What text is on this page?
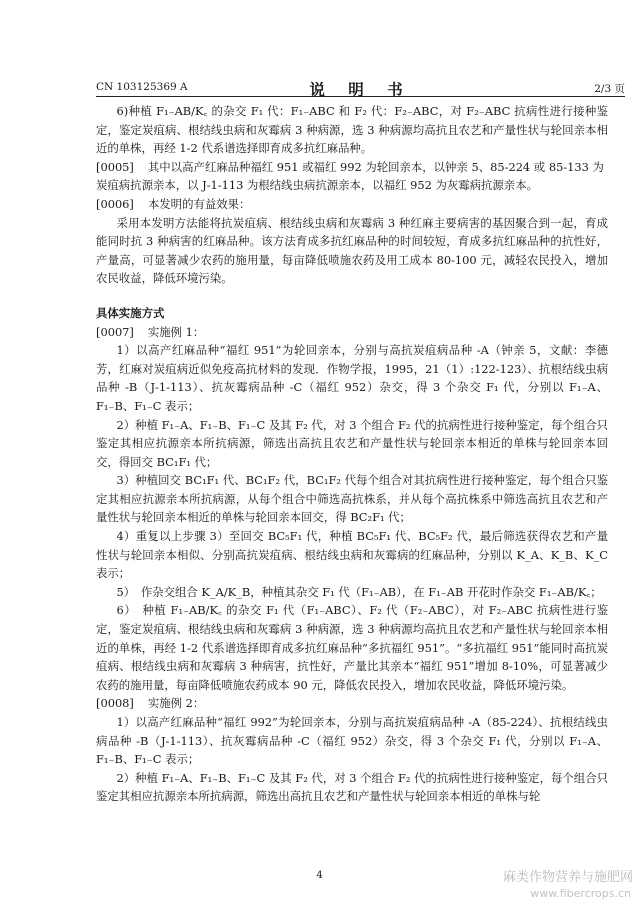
CN 103125369 A	说 明 书	2/3 页

6)种植 F₁₋AB/K꜀ 的杂交 F₁ 代：F₁₋ABC 和 F₂ 代：F₂₋ABC，对 F₂₋ABC 抗病性进行接种鉴定，鉴定炭疽病、根结线虫病和灰霉病 3 种病源，选 3 种病源均高抗且农艺和产量性状与轮回亲本相近的单株，再经 1-2 代系谱选择即育成多抗红麻品种。

[0005] 其中以高产红麻品种福红 951 或福红 992 为轮回亲本，以钟亲 5、85-224 或 85-133 为炭疽病抗源亲本，以 J-1-113 为根结线虫病抗源亲本，以福红 952 为灰霉病抗源亲本。

[0006] 本发明的有益效果：

采用本发明方法能将抗炭疽病、根结线虫病和灰霉病 3 种红麻主要病害的基因聚合到一起，育成能同时抗 3 种病害的红麻品种。该方法育成多抗红麻品种的时间较短，育成多抗红麻品种的抗性好，产量高，可显著减少农药的施用量，每亩降低喷施农药及用工成本 80-100 元，减轻农民投入，增加农民收益，降低环境污染。

具体实施方式

[0007] 实施例 1：

1）以高产红麻品种“福红 951”为轮回亲本，分别与高抗炭疽病品种 -A（钟亲 5，文献：李德芳，红麻对炭疽病近似免疫高抗材料的发现．作物学报，1995，21（1）:122-123）、抗根结线虫病品种 -B（J-1-113）、抗灰霉病品种 -C（福红 952）杂交，得 3 个杂交 F₁ 代，分别以 F₁₋A、F₁₋B、F₁₋C 表示；

2）种植 F₁₋A、F₁₋B、F₁₋C 及其 F₂ 代，对 3 个组合 F₂ 代的抗病性进行接种鉴定，每个组合只鉴定其相应抗源亲本所抗病源，筛选出高抗且农艺和产量性状与轮回亲本相近的单株与轮回亲本回交，得回交 BC₁F₁ 代；

3）种植回交 BC₁F₁ 代、BC₁F₂ 代，BC₁F₂ 代每个组合对其抗病性进行接种鉴定，每个组合只鉴定其相应抗源亲本所抗病源，从每个组合中筛选高抗株系，并从每个高抗株系中筛选高抗且农艺和产量性状与轮回亲本相近的单株与轮回亲本回交，得 BC₂F₁ 代；

4）重复以上步骤 3）至回交 BC₅F₁ 代，种植 BC₅F₁ 代、BC₅F₂ 代，最后筛选获得农艺和产量性状与轮回亲本相似、分别高抗炭疽病、根结线虫病和灰霉病的红麻品种，分别以 K_A、K_B、K_C 表示；

5）　作杂交组合 K_A/K_B，种植其杂交 F₁ 代（F₁₋AB），在 F₁₋AB 开花时作杂交 F₁₋AB/K꜀；

6）　种植 F₁₋AB/K꜀ 的杂交 F₁ 代（F₁₋ABC）、F₂ 代（F₂₋ABC），对 F₂₋ABC 抗病性进行鉴定，鉴定炭疽病、根结线虫病和灰霉病 3 种病源，选 3 种病源均高抗且农艺和产量性状与轮回亲本相近的单株，再经 1-2 代系谱选择即育成多抗红麻品种“多抗福红 951”。“多抗福红 951”能同时高抗炭疽病、根结线虫病和灰霉病 3 种病害，抗性好，产量比其亲本“福红 951”增加 8-10%，可显著减少农药的施用量，每亩降低喷施农药成本 90 元，降低农民投入，增加农民收益，降低环境污染。

[0008] 实施例 2：

1）以高产红麻品种“福红 992”为轮回亲本，分别与高抗炭疽病品种 -A（85-224）、抗根结线虫病品种 -B（J-1-113）、抗灰霉病品种 -C（福红 952）杂交，得 3 个杂交 F₁ 代，分别以 F₁₋A、F₁₋B、F₁₋C 表示；

2）种植 F₁₋A、F₁₋B、F₁₋C 及其 F₂ 代，对 3 个组合 F₂ 代的抗病性进行接种鉴定，每个组合只鉴定其相应抗源亲本所抗病源，筛选出高抗且农艺和产量性状与轮回亲本相近的单株与轮

4	麻类作物营养与施肥网
www.fibercrops.cn
